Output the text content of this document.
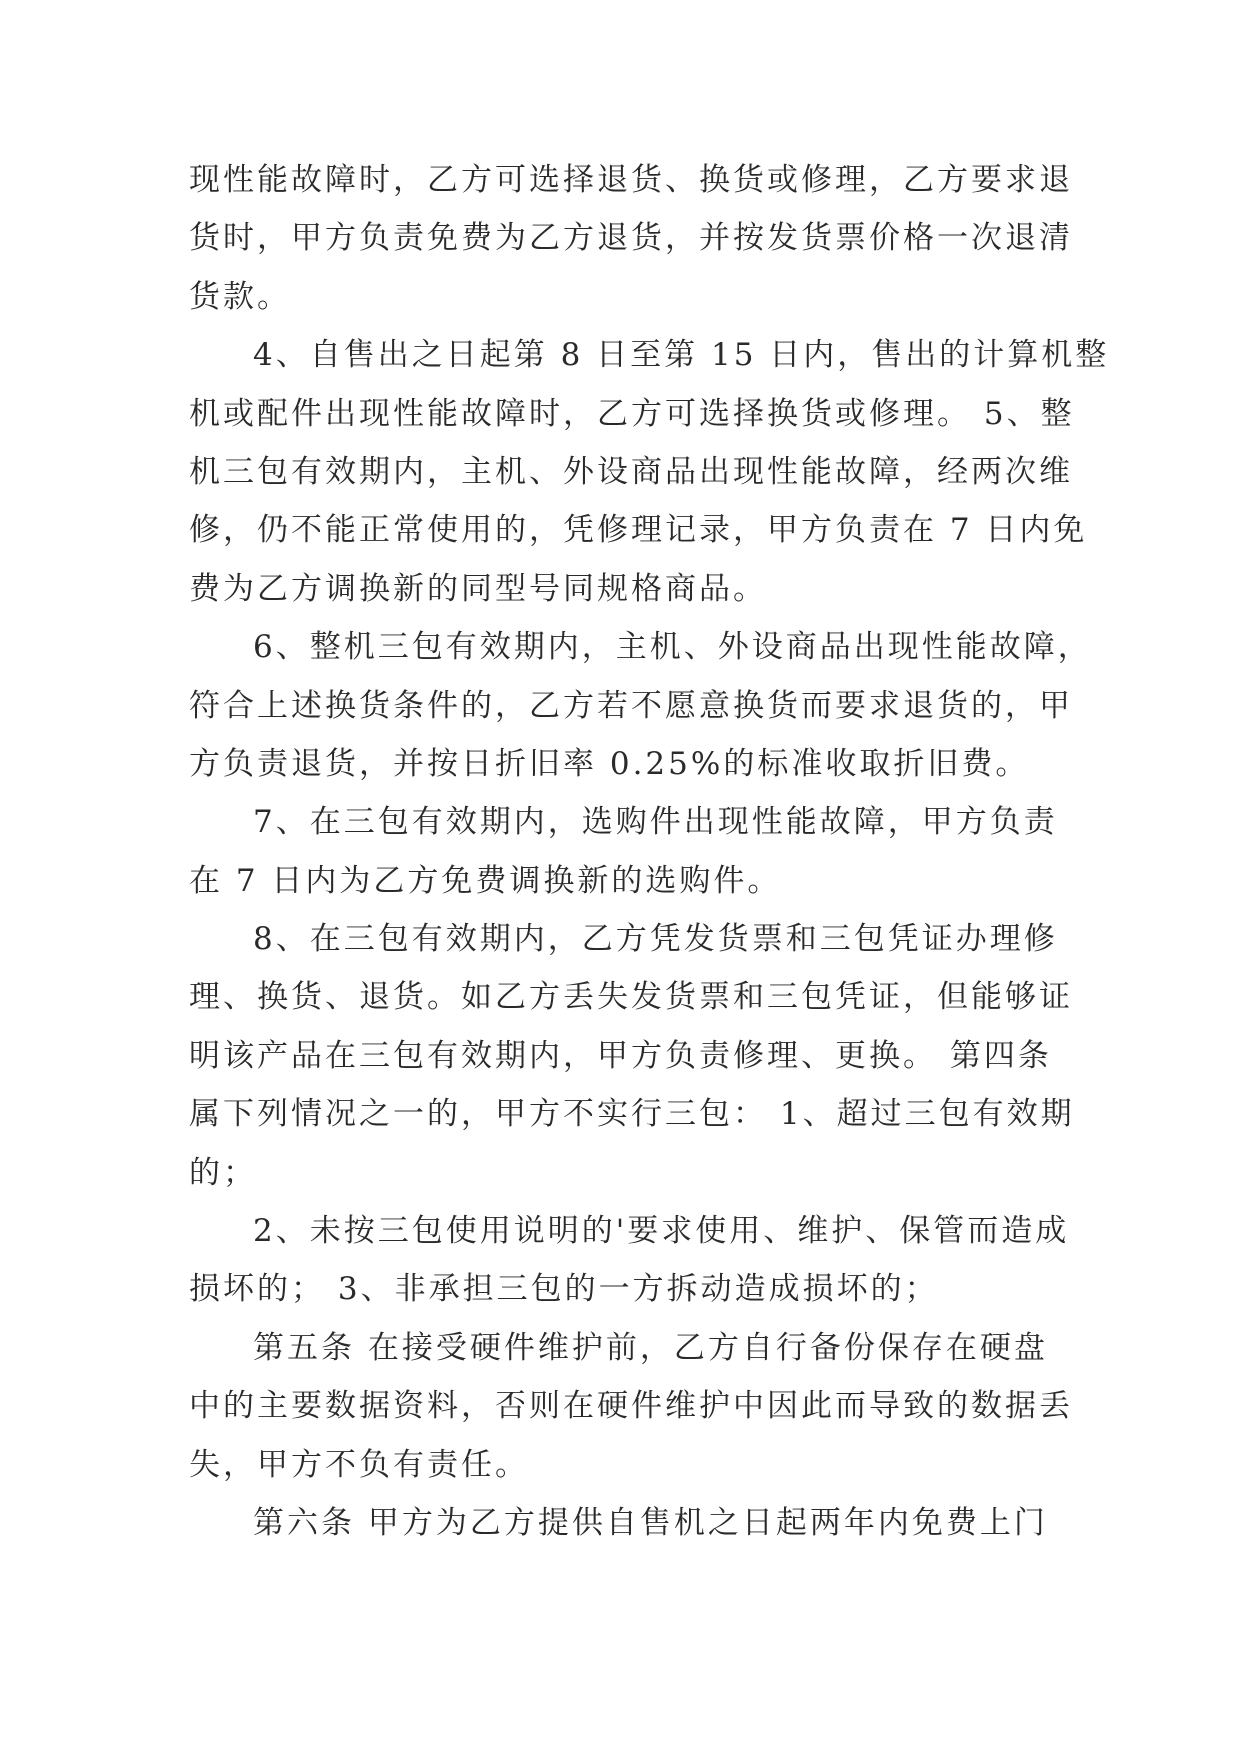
现性能故障时，乙方可选择退货、换货或修理，乙方要求退
货时，甲方负责免费为乙方退货，并按发货票价格一次退清
货款。
4、自售出之日起第 8 日至第 15 日内，售出的计算机整
机或配件出现性能故障时，乙方可选择换货或修理。 5、整
机三包有效期内，主机、外设商品出现性能故障，经两次维
修，仍不能正常使用的，凭修理记录，甲方负责在 7 日内免
费为乙方调换新的同型号同规格商品。
6、整机三包有效期内，主机、外设商品出现性能故障，
符合上述换货条件的，乙方若不愿意换货而要求退货的，甲
方负责退货，并按日折旧率 0.25%的标准收取折旧费。
7、在三包有效期内，选购件出现性能故障，甲方负责
在 7 日内为乙方免费调换新的选购件。
8、在三包有效期内，乙方凭发货票和三包凭证办理修
理、换货、退货。如乙方丢失发货票和三包凭证，但能够证
明该产品在三包有效期内，甲方负责修理、更换。 第四条
属下列情况之一的，甲方不实行三包： 1、超过三包有效期
的；
2、未按三包使用说明的'要求使用、维护、保管而造成
损坏的； 3、非承担三包的一方拆动造成损坏的；
第五条 在接受硬件维护前，乙方自行备份保存在硬盘
中的主要数据资料，否则在硬件维护中因此而导致的数据丢
失，甲方不负有责任。
第六条 甲方为乙方提供自售机之日起两年内免费上门
